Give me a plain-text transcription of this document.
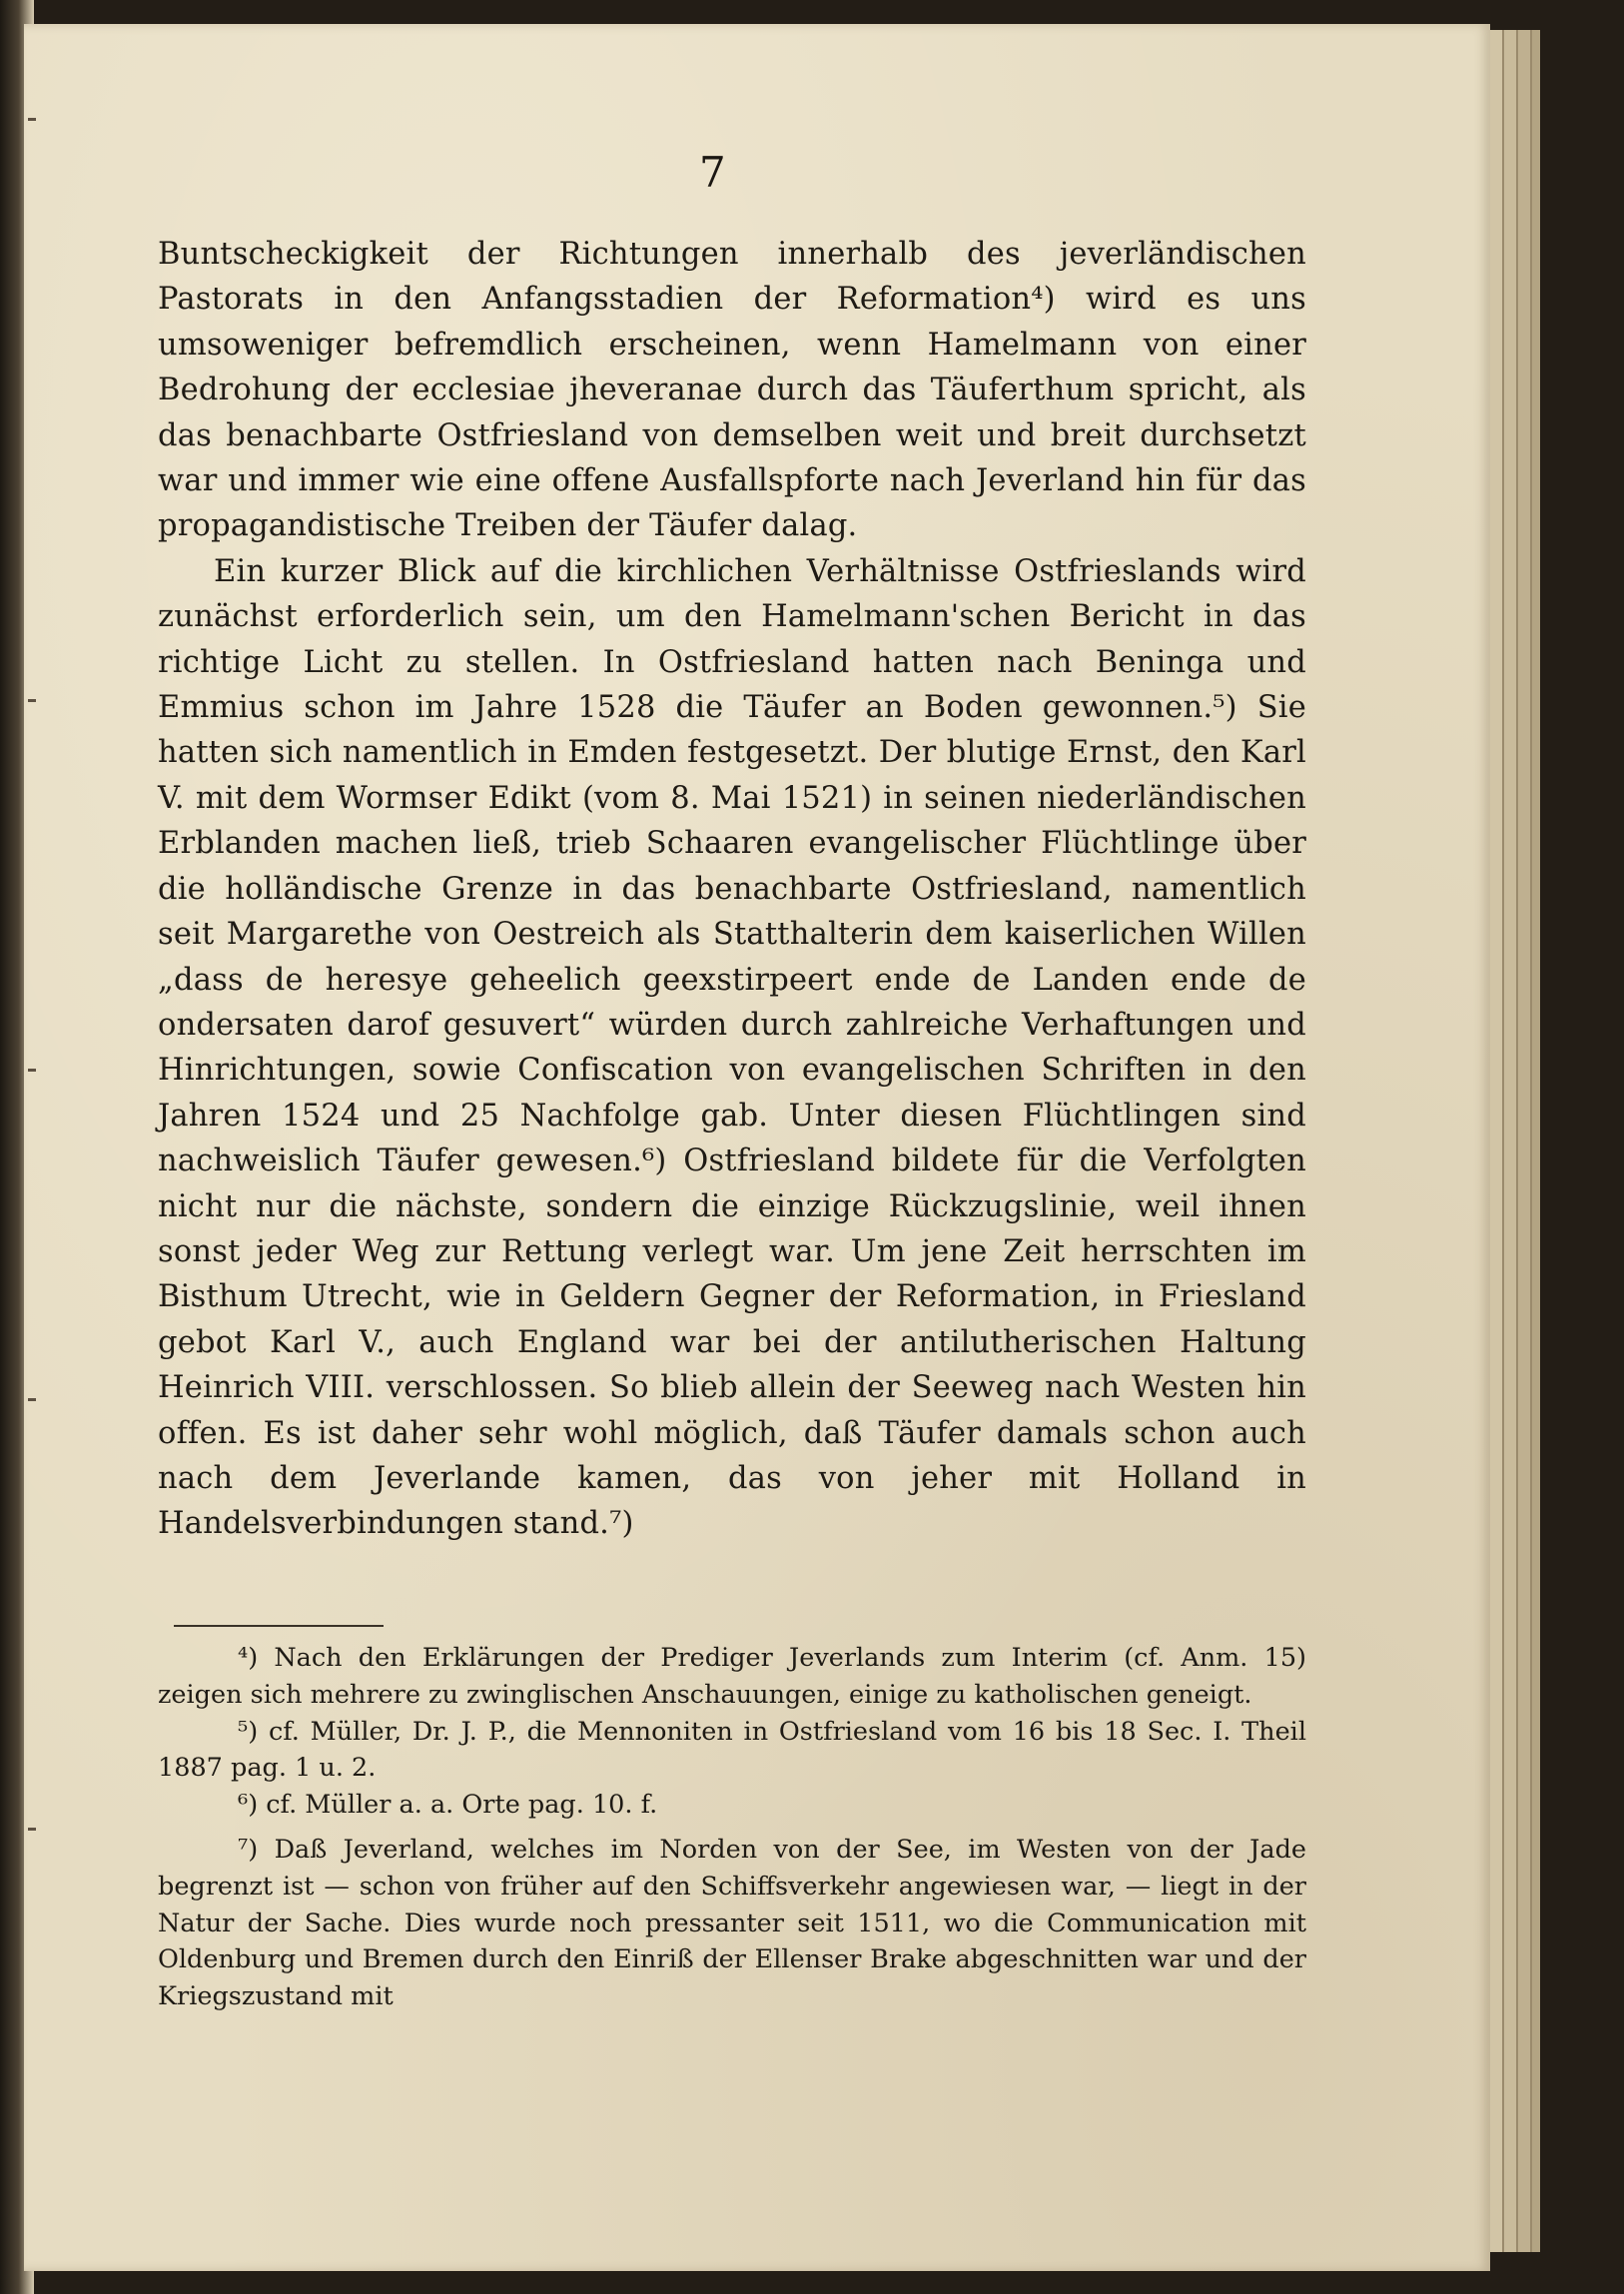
7

Buntscheckigkeit der Richtungen innerhalb des jeverländischen Pastorats in den Anfangsstadien der Reformation⁴) wird es uns umsoweniger befremdlich erscheinen, wenn Hamelmann von einer Bedrohung der ecclesiae jheveranae durch das Täuferthum spricht, als das benachbarte Ostfriesland von demselben weit und breit durchsetzt war und immer wie eine offene Ausfallspforte nach Jeverland hin für das propagandistische Treiben der Täufer dalag.

Ein kurzer Blick auf die kirchlichen Verhältnisse Ostfrieslands wird zunächst erforderlich sein, um den Hamelmann'schen Bericht in das richtige Licht zu stellen. In Ostfriesland hatten nach Beninga und Emmius schon im Jahre 1528 die Täufer an Boden gewonnen.⁵) Sie hatten sich namentlich in Emden festgesetzt. Der blutige Ernst, den Karl V. mit dem Wormser Edikt (vom 8. Mai 1521) in seinen niederländischen Erblanden machen ließ, trieb Schaaren evangelischer Flüchtlinge über die holländische Grenze in das benachbarte Ostfriesland, namentlich seit Margarethe von Oestreich als Statthalterin dem kaiserlichen Willen „dass de heresye geheelich geexstirpeert ende de Landen ende de ondersaten darof gesuvert“ würden durch zahlreiche Verhaftungen und Hinrichtungen, sowie Confiscation von evangelischen Schriften in den Jahren 1524 und 25 Nachfolge gab. Unter diesen Flüchtlingen sind nachweislich Täufer gewesen.⁶) Ostfriesland bildete für die Verfolgten nicht nur die nächste, sondern die einzige Rückzugslinie, weil ihnen sonst jeder Weg zur Rettung verlegt war. Um jene Zeit herrschten im Bisthum Utrecht, wie in Geldern Gegner der Reformation, in Friesland gebot Karl V., auch England war bei der antilutherischen Haltung Heinrich VIII. verschlossen. So blieb allein der Seeweg nach Westen hin offen. Es ist daher sehr wohl möglich, daß Täufer damals schon auch nach dem Jeverlande kamen, das von jeher mit Holland in Handelsverbindungen stand.⁷)

⁴) Nach den Erklärungen der Prediger Jeverlands zum Interim (cf. Anm. 15) zeigen sich mehrere zu zwinglischen Anschauungen, einige zu katholischen geneigt.

⁵) cf. Müller, Dr. J. P., die Mennoniten in Ostfriesland vom 16 bis 18 Sec. I. Theil 1887 pag. 1 u. 2.

⁶) cf. Müller a. a. Orte pag. 10. f.

⁷) Daß Jeverland, welches im Norden von der See, im Westen von der Jade begrenzt ist — schon von früher auf den Schiffsverkehr angewiesen war, — liegt in der Natur der Sache. Dies wurde noch pressanter seit 1511, wo die Communication mit Oldenburg und Bremen durch den Einriß der Ellenser Brake abgeschnitten war und der Kriegszustand mit
